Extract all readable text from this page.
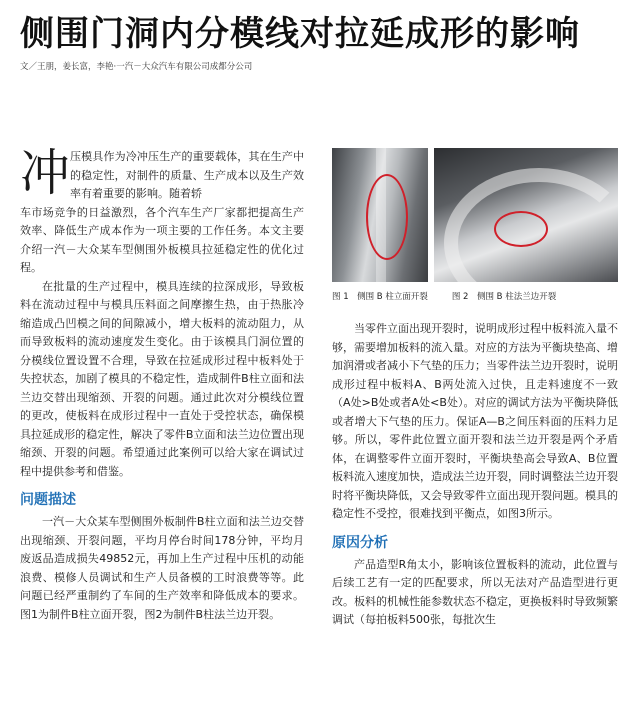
侧围门洞内分模线对拉延成形的影响
文／王朋，姜长富，李艳·一汽－大众汽车有限公司成都分公司
冲 压模具作为冷冲压生产的重要载体，其在生产中的稳定性，对制件的质量、生产成本以及生产效率有着重要的影响。随着轿

车市场竞争的日益激烈，各个汽车生产厂家都把提高生产效率、降低生产成本作为一项主要的工作任务。本文主要介绍一汽－大众某车型侧围外板模具拉延稳定性的优化过程。

在批量的生产过程中，模具连续的拉深成形，导致板料在流动过程中与模具压料面之间摩擦生热，由于热胀冷缩造成凸凹模之间的间隙减小，增大板料的流动阻力，从而导致板料的流动速度发生变化。由于该模具门洞位置的分模线位置设置不合理，导致在拉延成形过程中板料处于失控状态，加剧了模具的不稳定性，造成制件B柱立面和法兰边交替出现缩颈、开裂的问题。通过此次对分模线位置的更改，使板料在成形过程中一直处于受控状态，确保模具拉延成形的稳定性，解决了零件B立面和法兰边位置出现缩颈、开裂的问题。希望通过此案例可以给大家在调试过程中提供参考和借鉴。

问题描述

一汽－大众某车型侧围外板制件B柱立面和法兰边交替出现缩颈、开裂问题，平均月停台时间178分钟，平均月废返品造成损失49852元，再加上生产过程中压机的动能浪费、模修人员调试和生产人员备模的工时浪费等等。此问题已经严重制约了车间的生产效率和降低成本的要求。图1为制件B柱立面开裂，图2为制件B柱法兰边开裂。

图 1　侧围 B 柱立面开裂	图 2　侧围 B 柱法兰边开裂

当零件立面出现开裂时，说明成形过程中板料流入量不够，需要增加板料的流入量。对应的方法为平衡块垫高、增加润滑或者减小下气垫的压力；当零件法兰边开裂时，说明成形过程中板料A、B两处流入过快，且走料速度不一致（A处>B处或者A处<B处）。对应的调试方法为平衡块降低或者增大下气垫的压力。保证A—B之间压料面的压料力足够。所以，零件此位置立面开裂和法兰边开裂是两个矛盾体，在调整零件立面开裂时，平衡块垫高会导致A、B位置板料流入速度加快，造成法兰边开裂，同时调整法兰边开裂时将平衡块降低，又会导致零件立面出现开裂问题。模具的稳定性不受控，很难找到平衡点，如图3所示。

原因分析

产品造型R角太小，影响该位置板料的流动，此位置与后续工艺有一定的匹配要求，所以无法对产品造型进行更改。板料的机械性能参数状态不稳定，更换板料时导致频繁调试（每拍板料500张，每批次生
